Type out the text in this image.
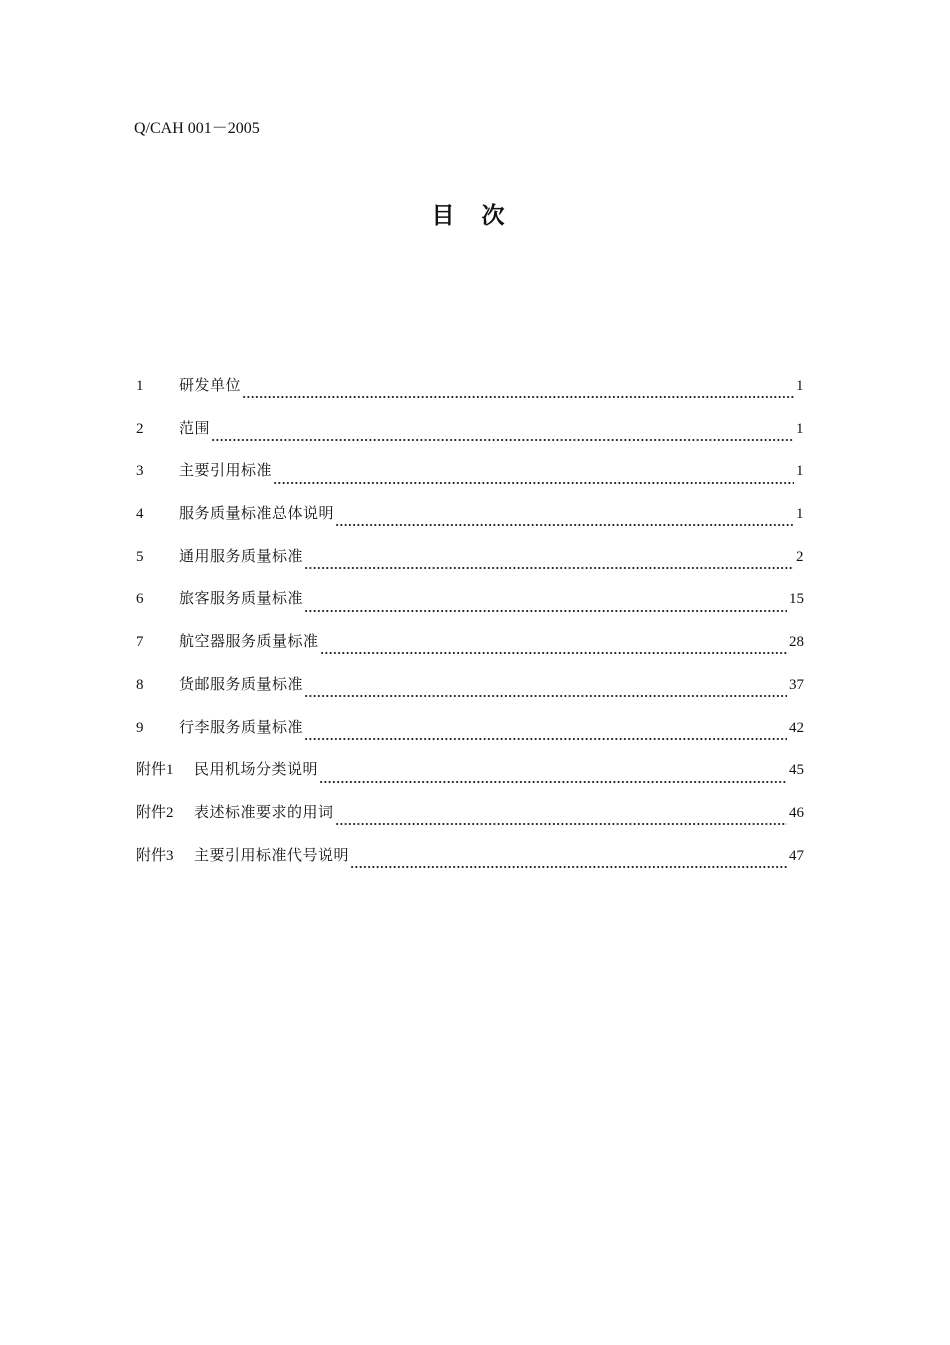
Q/CAH 001－2005
目　次
1	研发单位	1
2	范围	1
3	主要引用标准	1
4	服务质量标准总体说明	1
5	通用服务质量标准	2
6	旅客服务质量标准	15
7	航空器服务质量标准	28
8	货邮服务质量标准	37
9	行李服务质量标准	42
附件1	民用机场分类说明	45
附件2	表述标准要求的用词	46
附件3	主要引用标准代号说明	47
